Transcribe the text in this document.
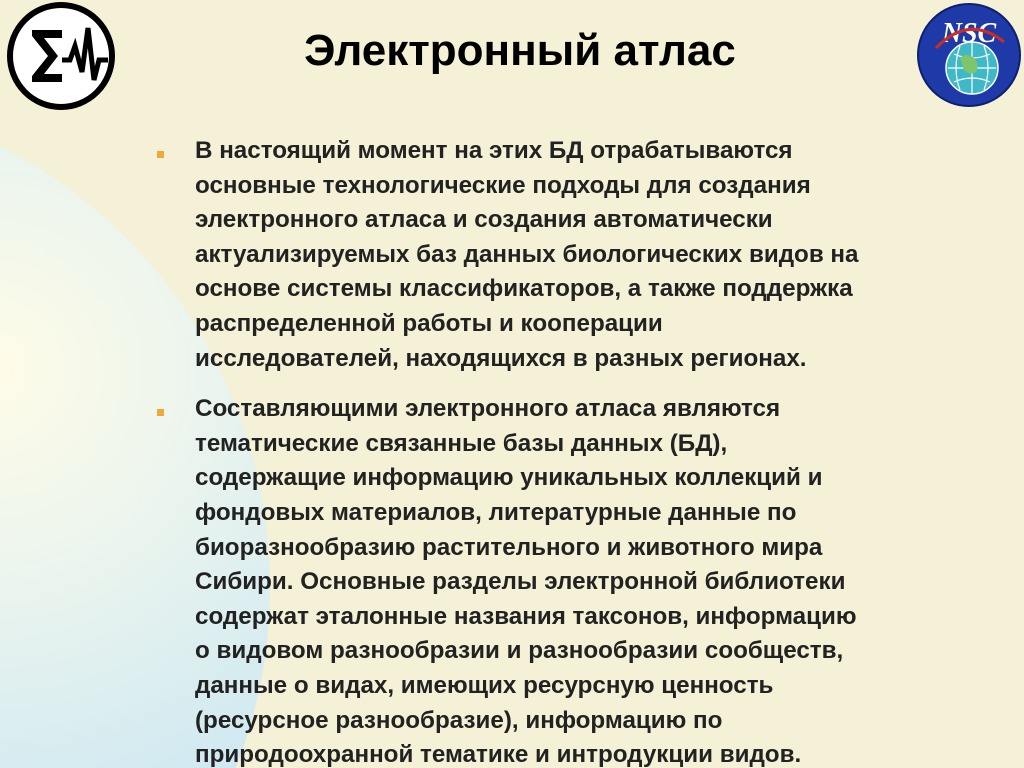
NSC
Электронный атлас
В настоящий момент на этих БД отрабатываются
основные технологические подходы для создания
электронного атласа и создания автоматически
актуализируемых баз данных биологических видов на
основе системы классификаторов, а также поддержка
распределенной работы и кооперации
исследователей, находящихся в разных регионах.
Составляющими электронного атласа являются
тематические связанные базы данных (БД),
содержащие информацию уникальных коллекций и
фондовых материалов, литературные данные по
биоразнообразию растительного и животного мира
Сибири. Основные разделы электронной библиотеки
содержат эталонные названия таксонов, информацию
о видовом разнообразии и разнообразии сообществ,
данные о видах, имеющих ресурсную ценность
(ресурсное разнообразие), информацию по
природоохранной тематике и интродукции видов.
